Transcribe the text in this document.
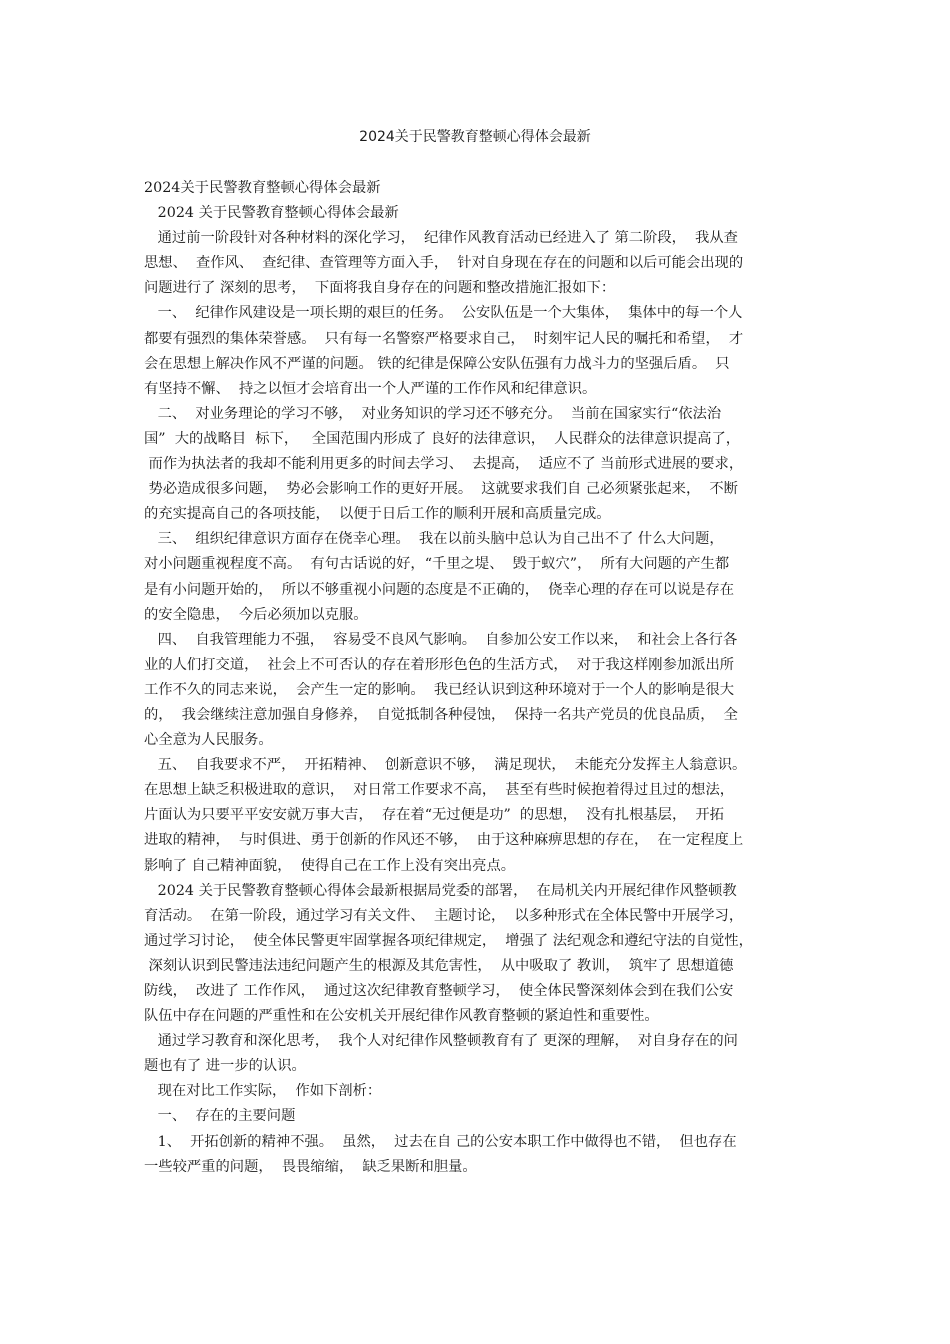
2024关于民警教育整顿心得体会最新
2024关于民警教育整顿心得体会最新
2024 关于民警教育整顿心得体会最新
通过前一阶段针对各种材料的深化学习，  纪律作风教育活动已经进入了 第二阶段，  我从查
思想、  查作风、  查纪律、查管理等方面入手，  针对自身现在存在的问题和以后可能会出现的
问题进行了 深刻的思考，  下面将我自身存在的问题和整改措施汇报如下：
一、  纪律作风建设是一项长期的艰巨的任务。  公安队伍是一个大集体，  集体中的每一个人
都要有强烈的集体荣誉感。  只有每一名警察严格要求自己，  时刻牢记人民的嘱托和希望，  才
会在思想上解决作风不严谨的问题。 铁的纪律是保障公安队伍强有力战斗力的坚强后盾。  只
有坚持不懈、  持之以恒才会培育出一个人严谨的工作作风和纪律意识。
二、  对业务理论的学习不够，  对业务知识的学习还不够充分。  当前在国家实行“依法治
国”  大的战略目  标下，   全国范围内形成了 良好的法律意识，  人民群众的法律意识提高了，
而作为执法者的我却不能利用更多的时间去学习、  去提高，  适应不了 当前形式进展的要求，
势必造成很多问题，  势必会影响工作的更好开展。  这就要求我们自 己必须紧张起来，  不断
的充实提高自己的各项技能，  以便于日后工作的顺利开展和高质量完成。
三、  组织纪律意识方面存在侥幸心理。  我在以前头脑中总认为自己出不了 什么大问题，
对小问题重视程度不高。  有句古话说的好，“千里之堤、  毁于蚁穴”，  所有大问题的产生都
是有小问题开始的，  所以不够重视小问题的态度是不正确的，  侥幸心理的存在可以说是存在
的安全隐患，  今后必须加以克服。
四、  自我管理能力不强，  容易受不良风气影响。  自参加公安工作以来，  和社会上各行各
业的人们打交道，  社会上不可否认的存在着形形色色的生活方式，  对于我这样刚参加派出所
工作不久的同志来说，  会产生一定的影响。  我已经认识到这种环境对于一个人的影响是很大
的，  我会继续注意加强自身修养，  自觉抵制各种侵蚀，  保持一名共产党员的优良品质，  全
心全意为人民服务。
五、  自我要求不严，  开拓精神、  创新意识不够，  满足现状，  未能充分发挥主人翁意识。
在思想上缺乏积极进取的意识，  对日常工作要求不高，  甚至有些时候抱着得过且过的想法，
片面认为只要平平安安就万事大吉，  存在着“无过便是功”  的思想，  没有扎根基层，  开拓
进取的精神，  与时俱进、勇于创新的作风还不够，  由于这种麻痹思想的存在，  在一定程度上
影响了 自己精神面貌，  使得自己在工作上没有突出亮点。
2024 关于民警教育整顿心得体会最新根据局党委的部署，  在局机关内开展纪律作风整顿教
育活动。  在第一阶段，通过学习有关文件、  主题讨论，  以多种形式在全体民警中开展学习，
通过学习讨论，  使全体民警更牢固掌握各项纪律规定，  增强了 法纪观念和遵纪守法的自觉性，
深刻认识到民警违法违纪问题产生的根源及其危害性，  从中吸取了 教训，  筑牢了 思想道德
防线，  改进了 工作作风，  通过这次纪律教育整顿学习，  使全体民警深刻体会到在我们公安
队伍中存在问题的严重性和在公安机关开展纪律作风教育整顿的紧迫性和重要性。
通过学习教育和深化思考，  我个人对纪律作风整顿教育有了 更深的理解，  对自身存在的问
题也有了 进一步的认识。
现在对比工作实际，  作如下剖析：
一、  存在的主要问题
1、  开拓创新的精神不强。  虽然，  过去在自 己的公安本职工作中做得也不错，  但也存在
一些较严重的问题，  畏畏缩缩，  缺乏果断和胆量。
